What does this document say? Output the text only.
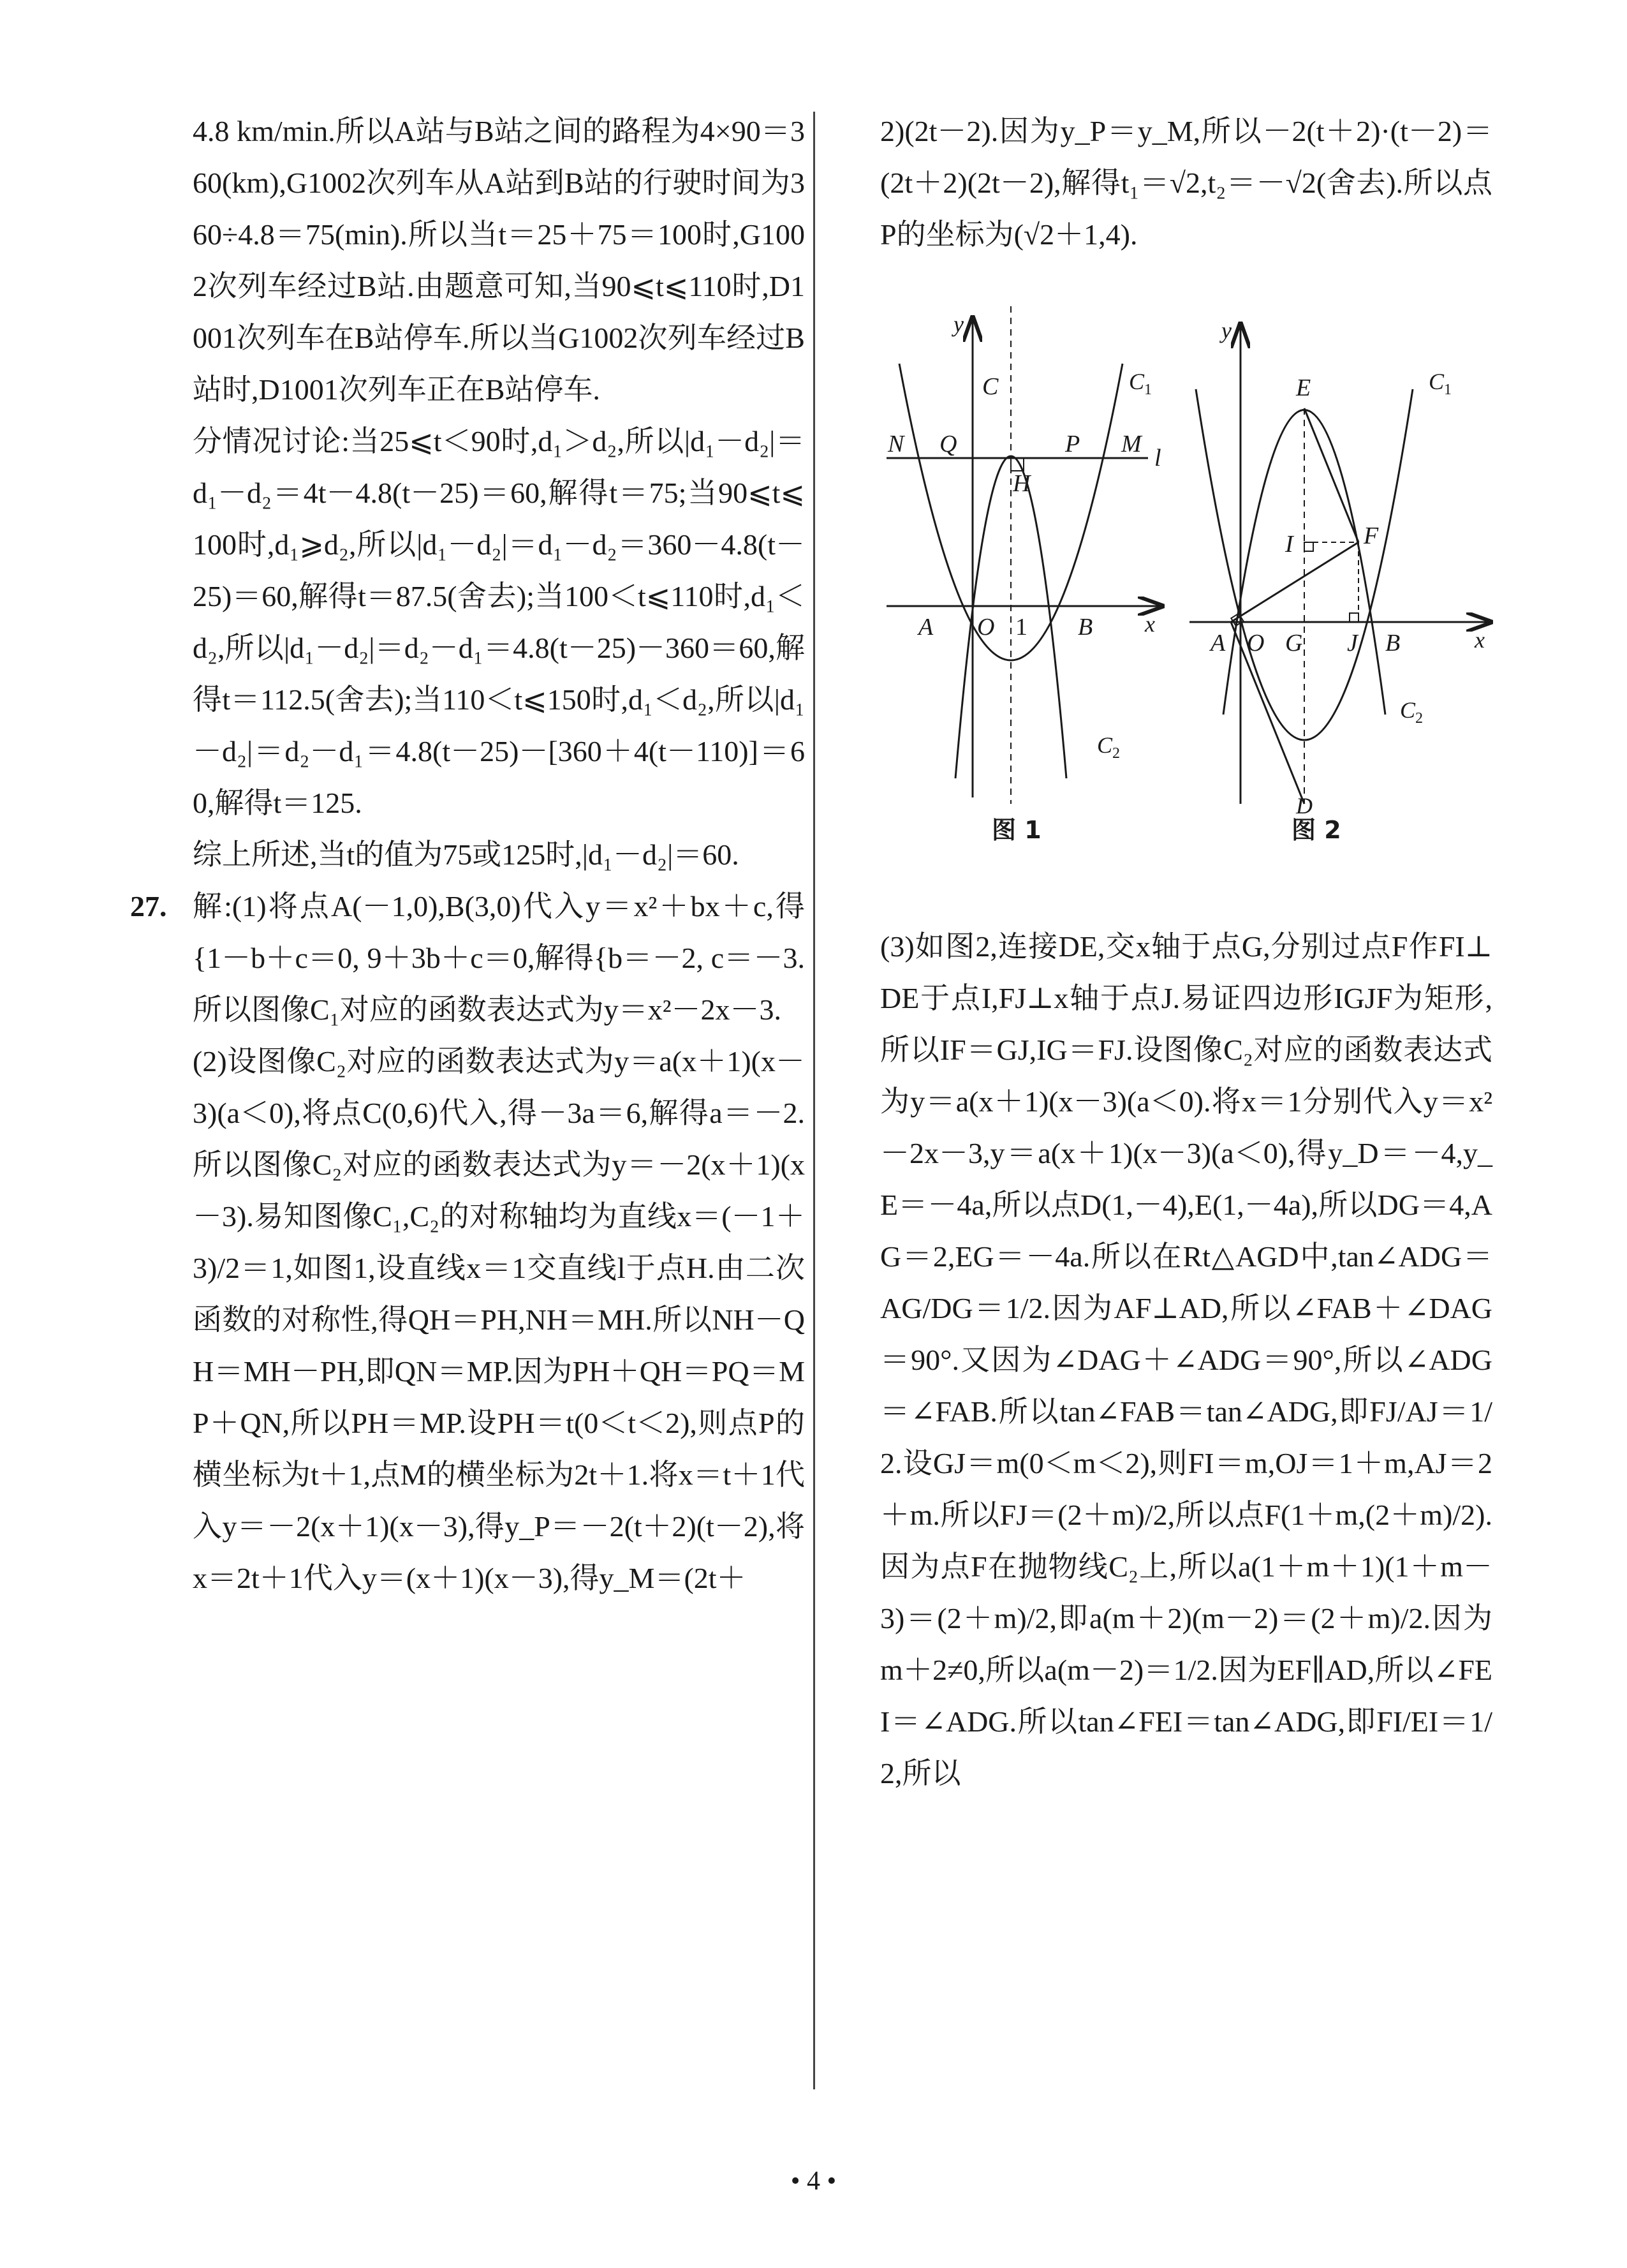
4.8 km/min.所以A站与B站之间的路程为4×90＝360(km),G1002次列车从A站到B站的行驶时间为360÷4.8＝75(min).所以当t＝25＋75＝100时,G1002次列车经过B站.由题意可知,当90⩽t⩽110时,D1001次列车在B站停车.所以当G1002次列车经过B站时,D1001次列车正在B站停车.

分情况讨论:当25⩽t＜90时,d₁＞d₂,所以|d₁－d₂|＝d₁－d₂＝4t－4.8(t－25)＝60,解得t＝75;当90⩽t⩽100时,d₁⩾d₂,所以|d₁－d₂|＝d₁－d₂＝360－4.8(t－25)＝60,解得t＝87.5(舍去);当100＜t⩽110时,d₁＜d₂,所以|d₁－d₂|＝d₂－d₁＝4.8(t－25)－360＝60,解得t＝112.5(舍去);当110＜t⩽150时,d₁＜d₂,所以|d₁－d₂|＝d₂－d₁＝4.8(t－25)－[360＋4(t－110)]＝60,解得t＝125.

综上所述,当t的值为75或125时,|d₁－d₂|＝60.

27. 解:(1)将点A(－1,0),B(3,0)代入y＝x²＋bx＋c,得{1－b＋c＝0, 9＋3b＋c＝0,解得{b＝－2, c＝－3.所以图像C₁对应的函数表达式为y＝x²－2x－3.

(2)设图像C₂对应的函数表达式为y＝a(x＋1)(x－3)(a＜0),将点C(0,6)代入,得－3a＝6,解得a＝－2.所以图像C₂对应的函数表达式为y＝－2(x＋1)(x－3).易知图像C₁,C₂的对称轴均为直线x＝(－1＋3)/2＝1,如图1,设直线x＝1交直线l于点H.由二次函数的对称性,得QH＝PH,NH＝MH.所以NH－QH＝MH－PH,即QN＝MP.因为PH＋QH＝PQ＝MP＋QN,所以PH＝MP.设PH＝t(0＜t＜2),则点P的横坐标为t＋1,点M的横坐标为2t＋1.将x＝t＋1代入y＝－2(x＋1)(x－3),得y_P＝－2(t＋2)(t－2),将x＝2t＋1代入y＝(x＋1)(x－3),得y_M＝(2t＋

2)(2t－2).因为y_P＝y_M,所以－2(t＋2)·(t－2)＝(2t＋2)(2t－2),解得t₁＝√2,t₂＝－√2(舍去).所以点P的坐标为(√2＋1,4).

(3)如图2,连接DE,交x轴于点G,分别过点F作FI⊥DE于点I,FJ⊥x轴于点J.易证四边形IGJF为矩形,所以IF＝GJ,IG＝FJ.设图像C₂对应的函数表达式为y＝a(x＋1)(x－3)(a＜0).将x＝1分别代入y＝x²－2x－3,y＝a(x＋1)(x－3)(a＜0),得y_D＝－4,y_E＝－4a,所以点D(1,－4),E(1,－4a),所以DG＝4,AG＝2,EG＝－4a.所以在Rt△AGD中,tan∠ADG＝AG/DG＝1/2.因为AF⊥AD,所以∠FAB＋∠DAG＝90°.又因为∠DAG＋∠ADG＝90°,所以∠ADG＝∠FAB.所以tan∠FAB＝tan∠ADG,即FJ/AJ＝1/2.设GJ＝m(0＜m＜2),则FI＝m,OJ＝1＋m,AJ＝2＋m.所以FJ＝(2＋m)/2,所以点F(1＋m,(2＋m)/2).因为点F在抛物线C₂上,所以a(1＋m＋1)(1＋m－3)＝(2＋m)/2,即a(m＋2)(m－2)＝(2＋m)/2.因为m＋2≠0,所以a(m－2)＝1/2.因为EF∥AD,所以∠FEI＝∠ADG.所以tan∠FEI＝tan∠ADG,即FI/EI＝1/2,所以

y
C
N Q	P M
l
H
A O 1 B x
$C_1$
$C_2$
图 1
y
E
F
I
A O G J B	x
D
$C_1$
$C_2$
图 2
• 4 •
